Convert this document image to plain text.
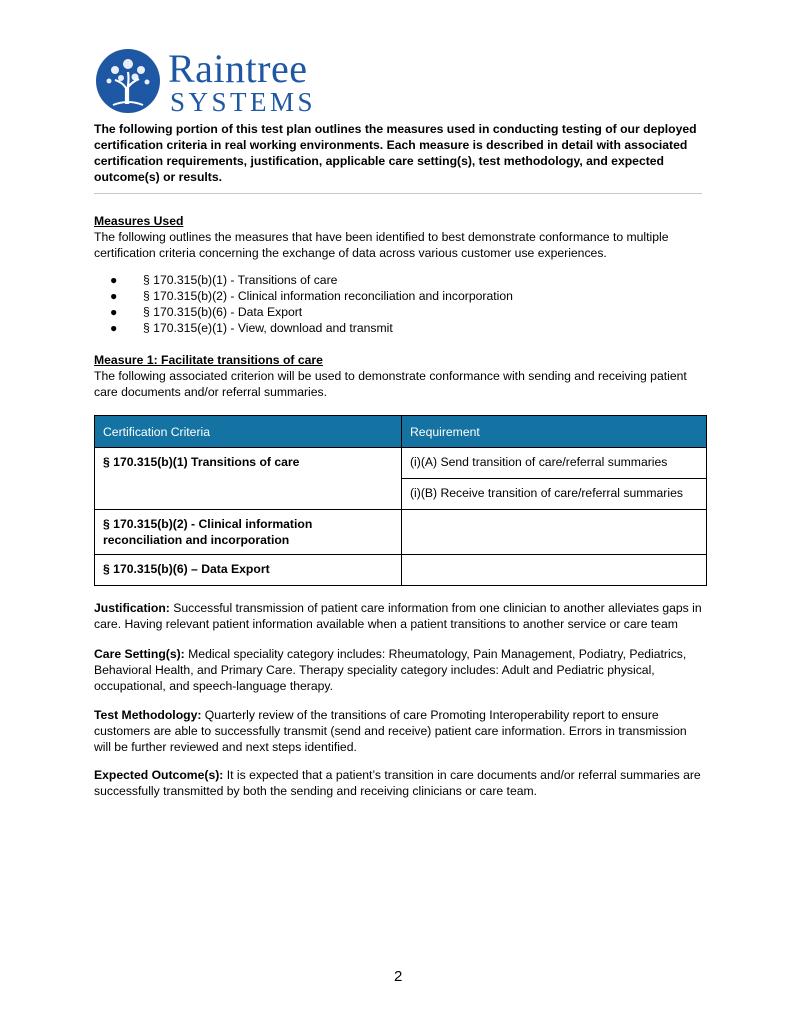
Raintree
SYSTEMS
The following portion of this test plan outlines the measures used in conducting testing of our deployed certification criteria in real working environments. Each measure is described in detail with associated certification requirements, justification, applicable care setting(s), test methodology, and expected outcome(s) or results.
Measures Used
The following outlines the measures that have been identified to best demonstrate conformance to multiple certification criteria concerning the exchange of data across various customer use experiences.
● § 170.315(b)(1) - Transitions of care
● § 170.315(b)(2) - Clinical information reconciliation and incorporation
● § 170.315(b)(6) - Data Export
● § 170.315(e)(1) - View, download and transmit
Measure 1: Facilitate transitions of care
The following associated criterion will be used to demonstrate conformance with sending and receiving patient care documents and/or referral summaries.
Certification Criteria	Requirement
§ 170.315(b)(1) Transitions of care	(i)(A) Send transition of care/referral summaries
	(i)(B) Receive transition of care/referral summaries
§ 170.315(b)(2) - Clinical information reconciliation and incorporation	
§ 170.315(b)(6) – Data Export	
Justification: Successful transmission of patient care information from one clinician to another alleviates gaps in care. Having relevant patient information available when a patient transitions to another service or care team
Care Setting(s): Medical speciality category includes: Rheumatology, Pain Management, Podiatry, Pediatrics, Behavioral Health, and Primary Care. Therapy speciality category includes: Adult and Pediatric physical, occupational, and speech-language therapy.
Test Methodology: Quarterly review of the transitions of care Promoting Interoperability report to ensure customers are able to successfully transmit (send and receive) patient care information. Errors in transmission will be further reviewed and next steps identified.
Expected Outcome(s): It is expected that a patient’s transition in care documents and/or referral summaries are successfully transmitted by both the sending and receiving clinicians or care team.
2
